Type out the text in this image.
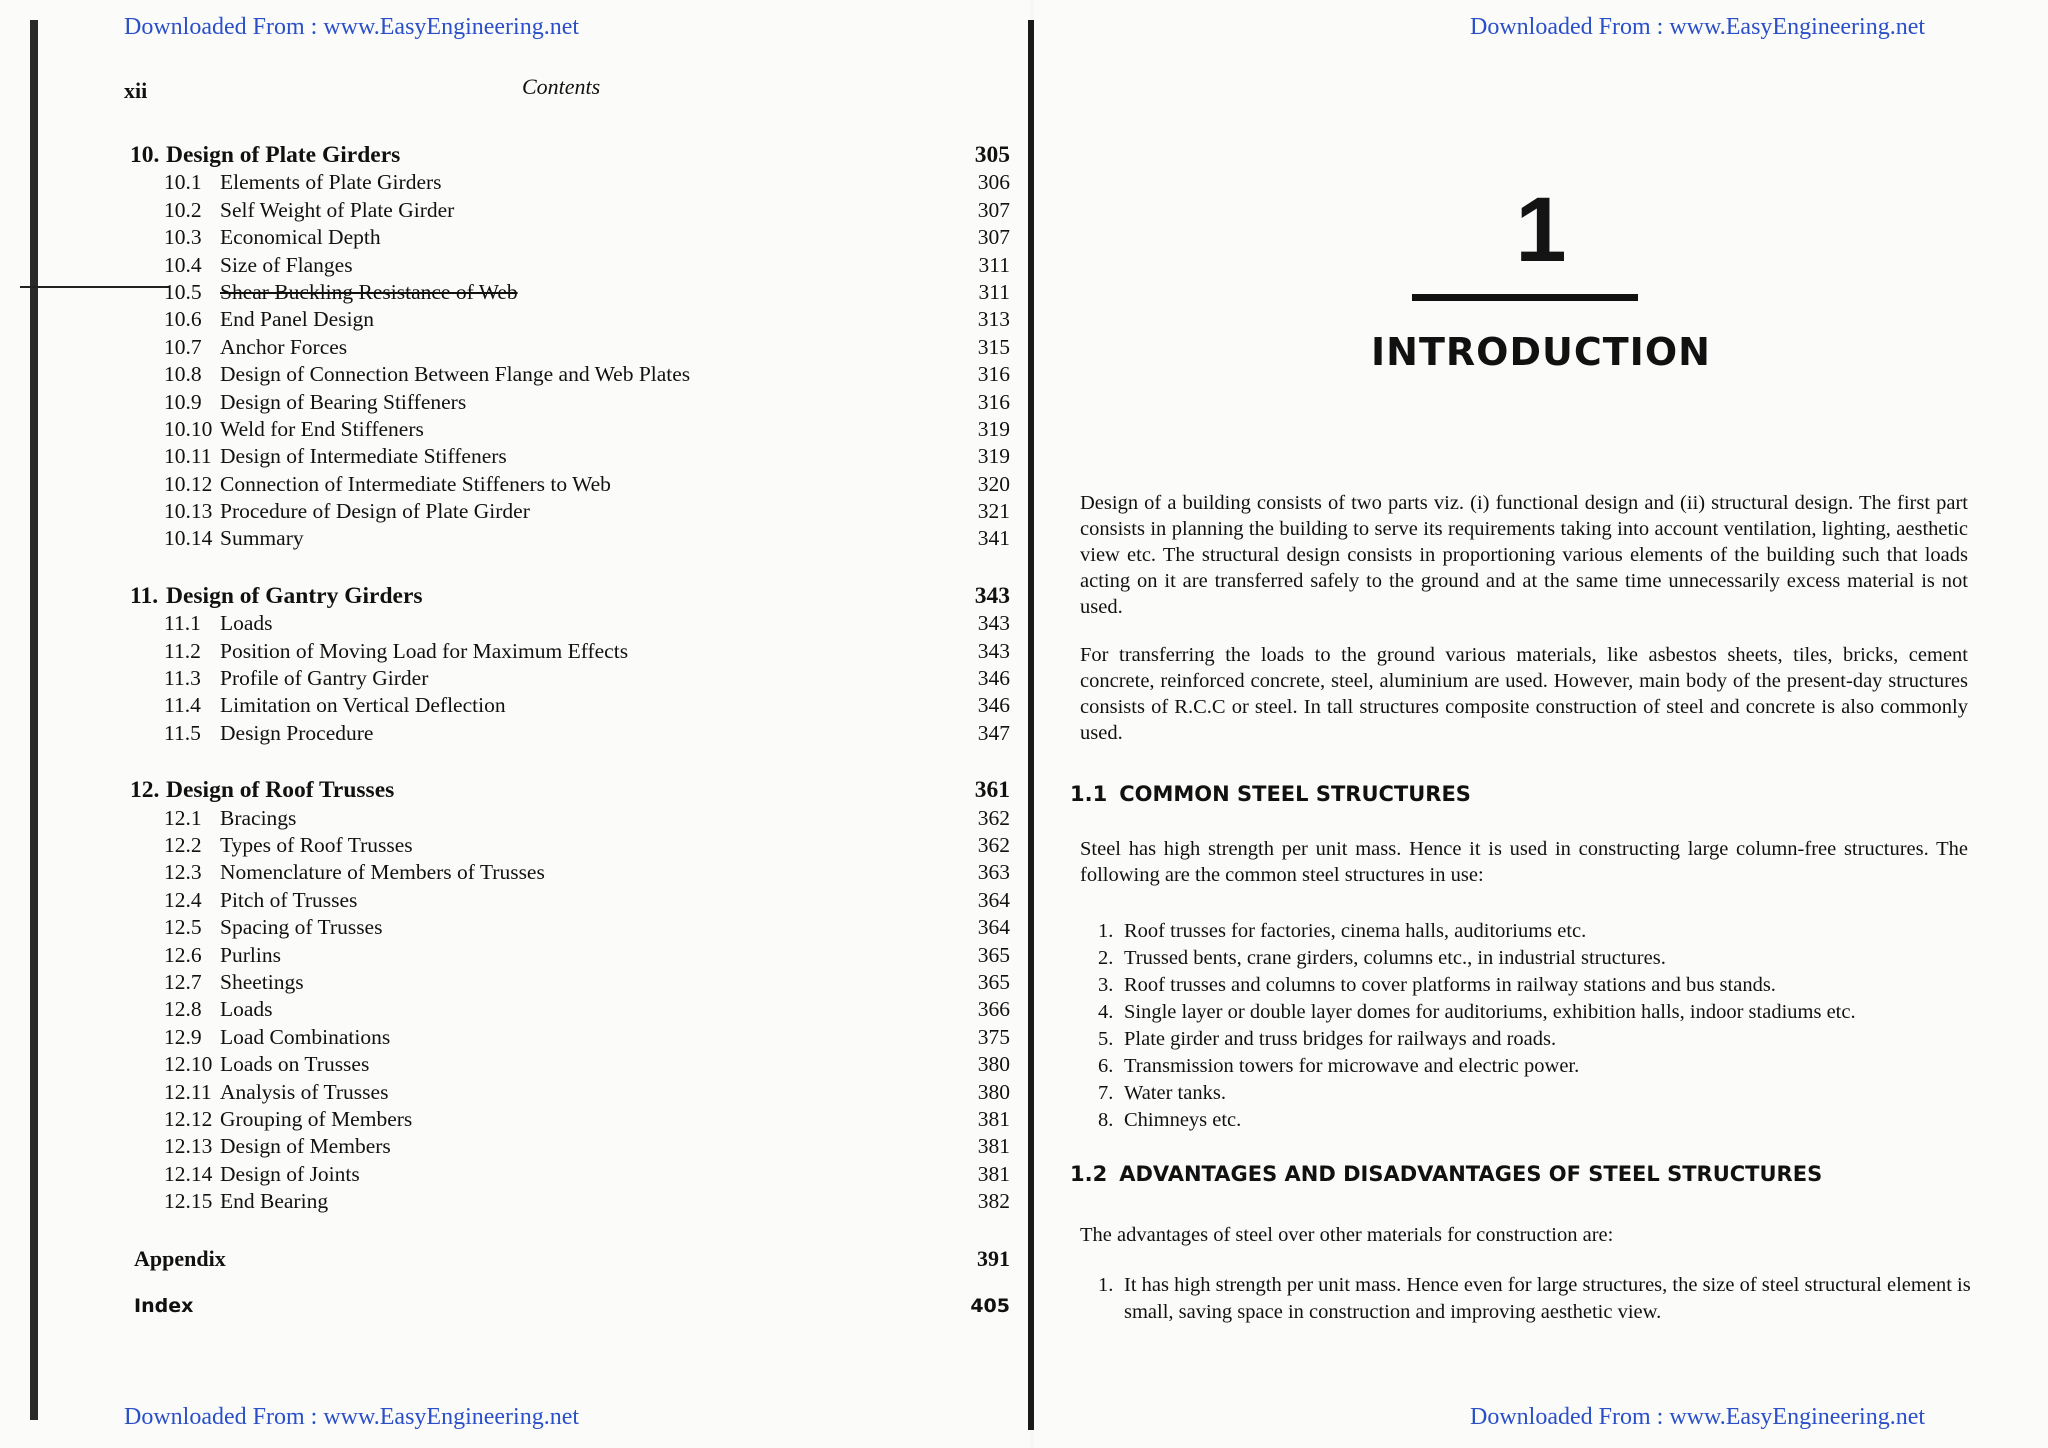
Downloaded From : www.EasyEngineering.net
xii	Contents
10. Design of Plate Girders	305
10.1 Elements of Plate Girders	306
10.2 Self Weight of Plate Girder	307
10.3 Economical Depth	307
10.4 Size of Flanges	311
10.5 Shear Buckling Resistance of Web	311
10.6 End Panel Design	313
10.7 Anchor Forces	315
10.8 Design of Connection Between Flange and Web Plates	316
10.9 Design of Bearing Stiffeners	316
10.10 Weld for End Stiffeners	319
10.11 Design of Intermediate Stiffeners	319
10.12 Connection of Intermediate Stiffeners to Web	320
10.13 Procedure of Design of Plate Girder	321
10.14 Summary	341
11. Design of Gantry Girders	343
11.1 Loads	343
11.2 Position of Moving Load for Maximum Effects	343
11.3 Profile of Gantry Girder	346
11.4 Limitation on Vertical Deflection	346
11.5 Design Procedure	347
12. Design of Roof Trusses	361
12.1 Bracings	362
12.2 Types of Roof Trusses	362
12.3 Nomenclature of Members of Trusses	363
12.4 Pitch of Trusses	364
12.5 Spacing of Trusses	364
12.6 Purlins	365
12.7 Sheetings	365
12.8 Loads	366
12.9 Load Combinations	375
12.10 Loads on Trusses	380
12.11 Analysis of Trusses	380
12.12 Grouping of Members	381
12.13 Design of Members	381
12.14 Design of Joints	381
12.15 End Bearing	382
Appendix	391
Index	405
Downloaded From : www.EasyEngineering.net
Downloaded From : www.EasyEngineering.net
1
INTRODUCTION

Design of a building consists of two parts viz. (i) functional design and (ii) structural design. The first part consists in planning the building to serve its requirements taking into account ventilation, lighting, aesthetic view etc. The structural design consists in proportioning various elements of the building such that loads acting on it are transferred safely to the ground and at the same time unnecessarily excess material is not used.

For transferring the loads to the ground various materials, like asbestos sheets, tiles, bricks, cement concrete, reinforced concrete, steel, aluminium are used. However, main body of the present-day structures consists of R.C.C or steel. In tall structures composite construction of steel and concrete is also commonly used.

1.1 COMMON STEEL STRUCTURES

Steel has high strength per unit mass. Hence it is used in constructing large column-free structures. The following are the common steel structures in use:

1. Roof trusses for factories, cinema halls, auditoriums etc.
2. Trussed bents, crane girders, columns etc., in industrial structures.
3. Roof trusses and columns to cover platforms in railway stations and bus stands.
4. Single layer or double layer domes for auditoriums, exhibition halls, indoor stadiums etc.
5. Plate girder and truss bridges for railways and roads.
6. Transmission towers for microwave and electric power.
7. Water tanks.
8. Chimneys etc.
1.2 ADVANTAGES AND DISADVANTAGES OF STEEL STRUCTURES

The advantages of steel over other materials for construction are:

1. It has high strength per unit mass. Hence even for large structures, the size of steel structural element is small, saving space in construction and improving aesthetic view.
Downloaded From : www.EasyEngineering.net
